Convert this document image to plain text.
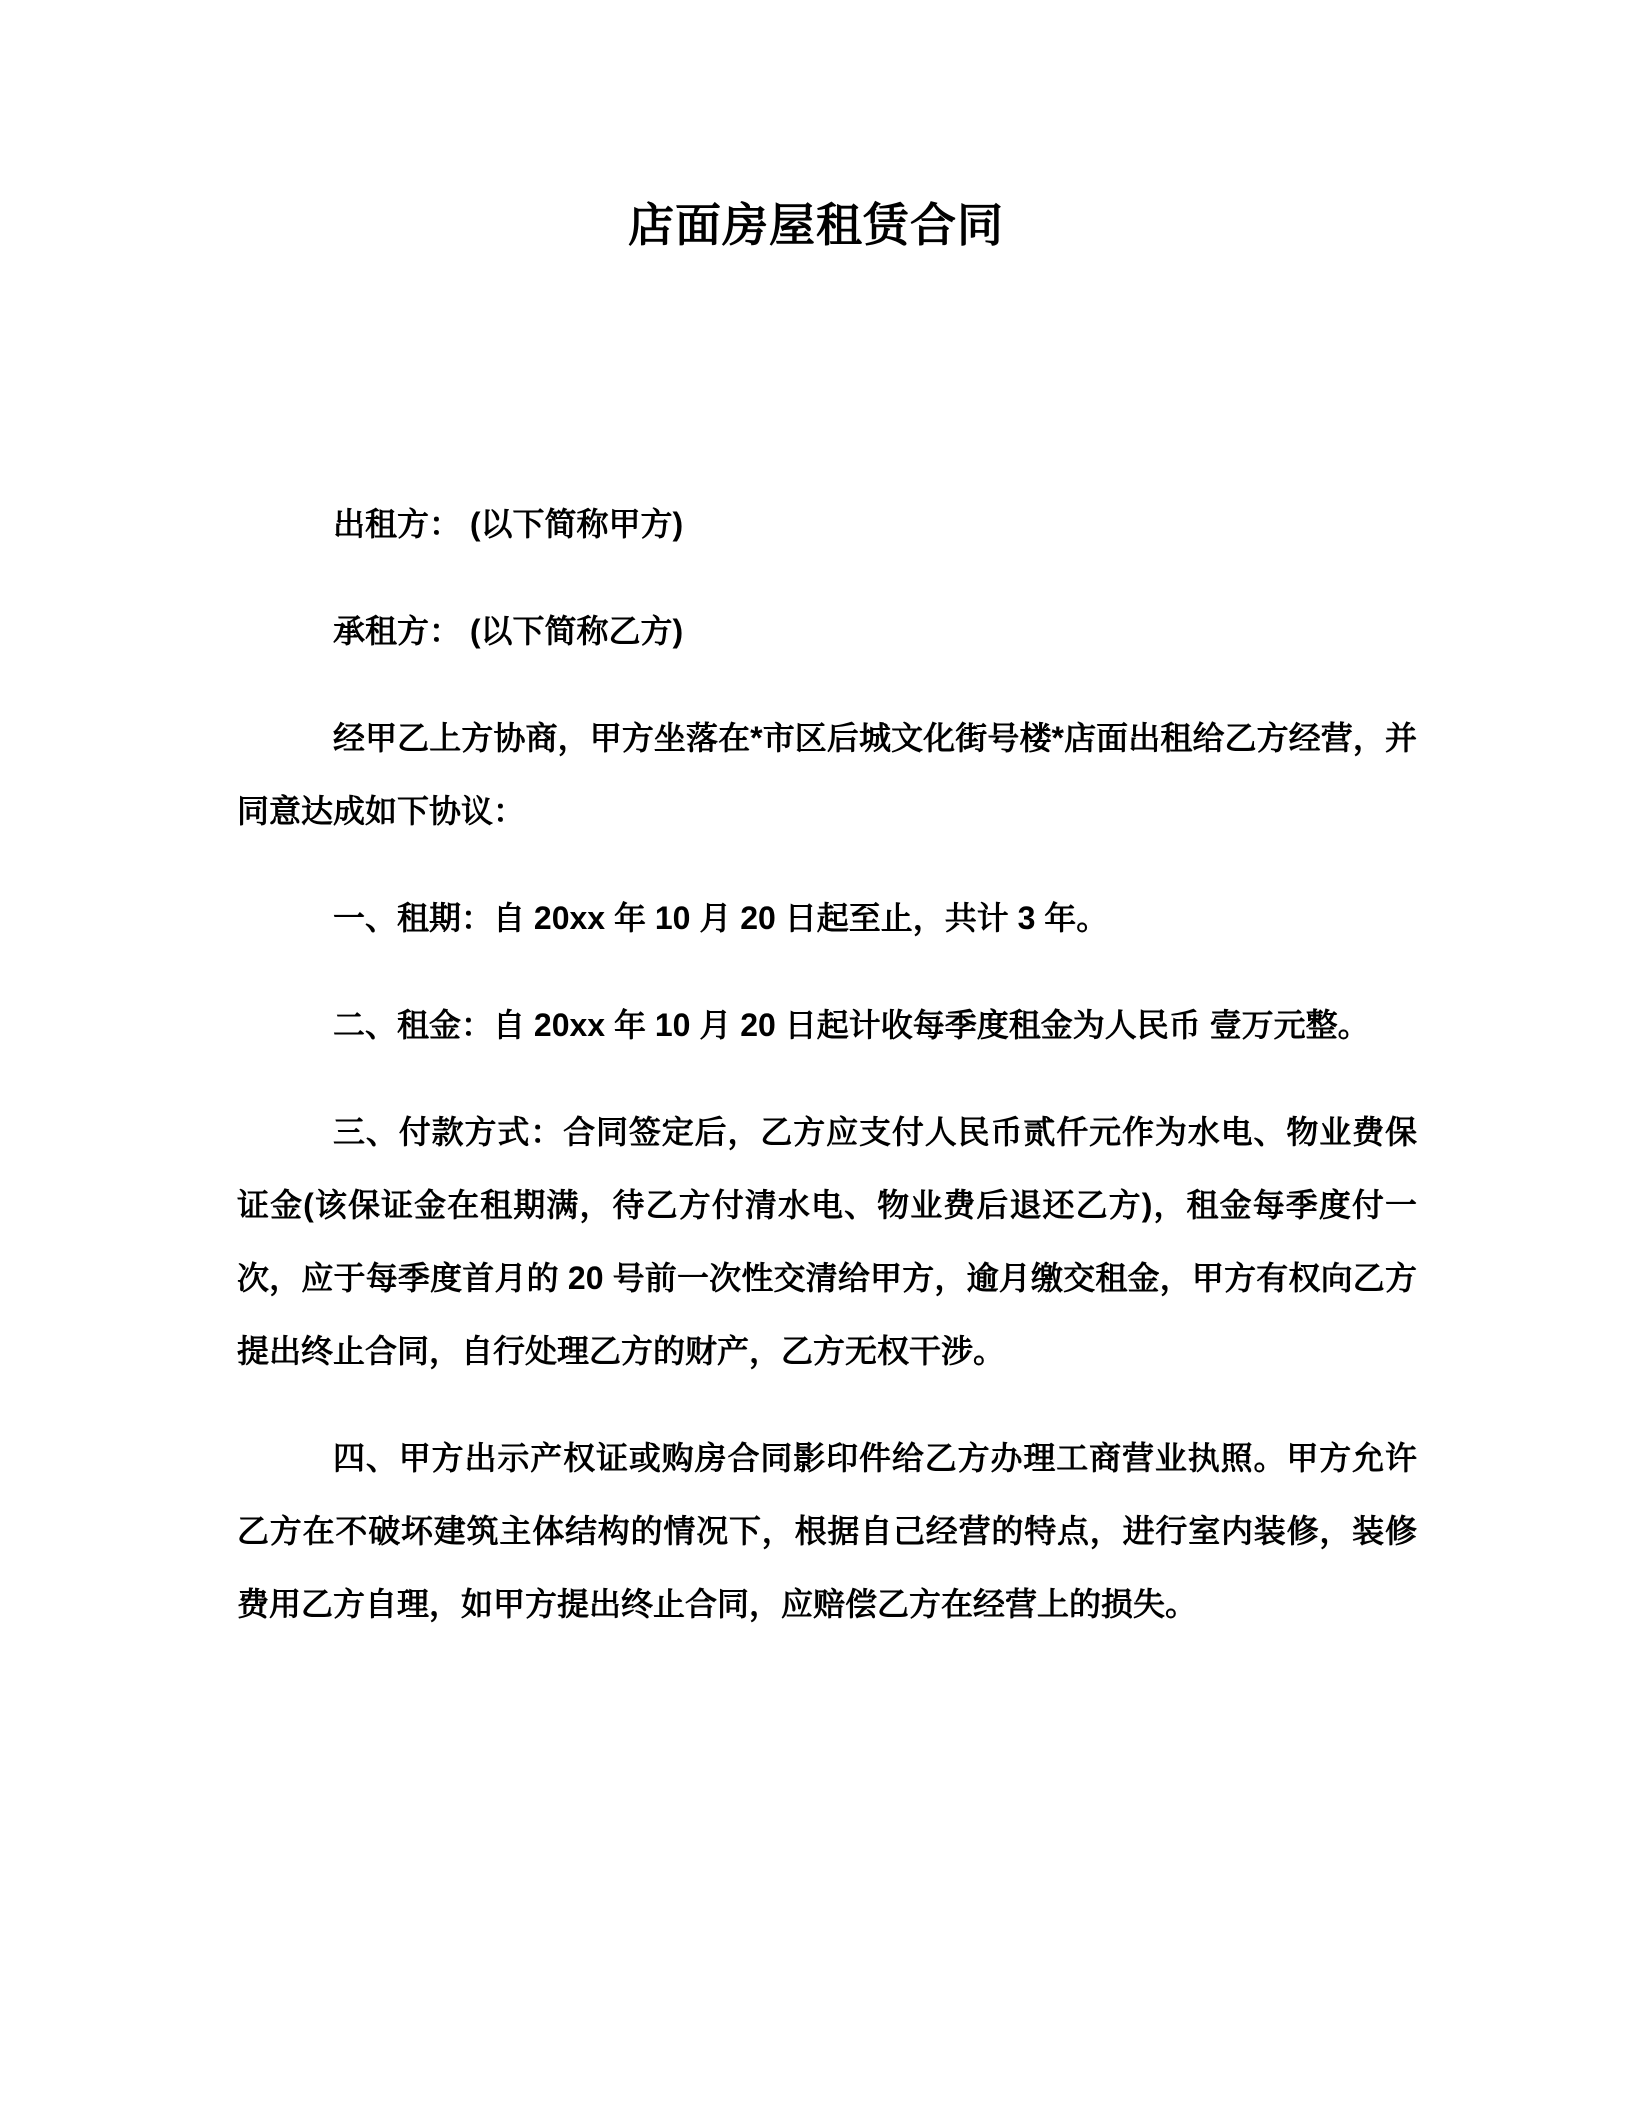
店面房屋租赁合同

出租方： (以下简称甲方)

承租方： (以下简称乙方)

经甲乙上方协商，甲方坐落在*市区后城文化街号楼*店面出租给乙方经营，并同意达成如下协议：

一、租期：自 20xx 年 10 月 20 日起至止，共计 3 年。

二、租金：自 20xx 年 10 月 20 日起计收每季度租金为人民币 壹万元整。

三、付款方式：合同签定后，乙方应支付人民币贰仟元作为水电、物业费保证金(该保证金在租期满，待乙方付清水电、物业费后退还乙方)，租金每季度付一次，应于每季度首月的 20 号前一次性交清给甲方，逾月缴交租金，甲方有权向乙方提出终止合同，自行处理乙方的财产，乙方无权干涉。

四、甲方出示产权证或购房合同影印件给乙方办理工商营业执照。甲方允许乙方在不破坏建筑主体结构的情况下，根据自己经营的特点，进行室内装修，装修费用乙方自理，如甲方提出终止合同，应赔偿乙方在经营上的损失。
